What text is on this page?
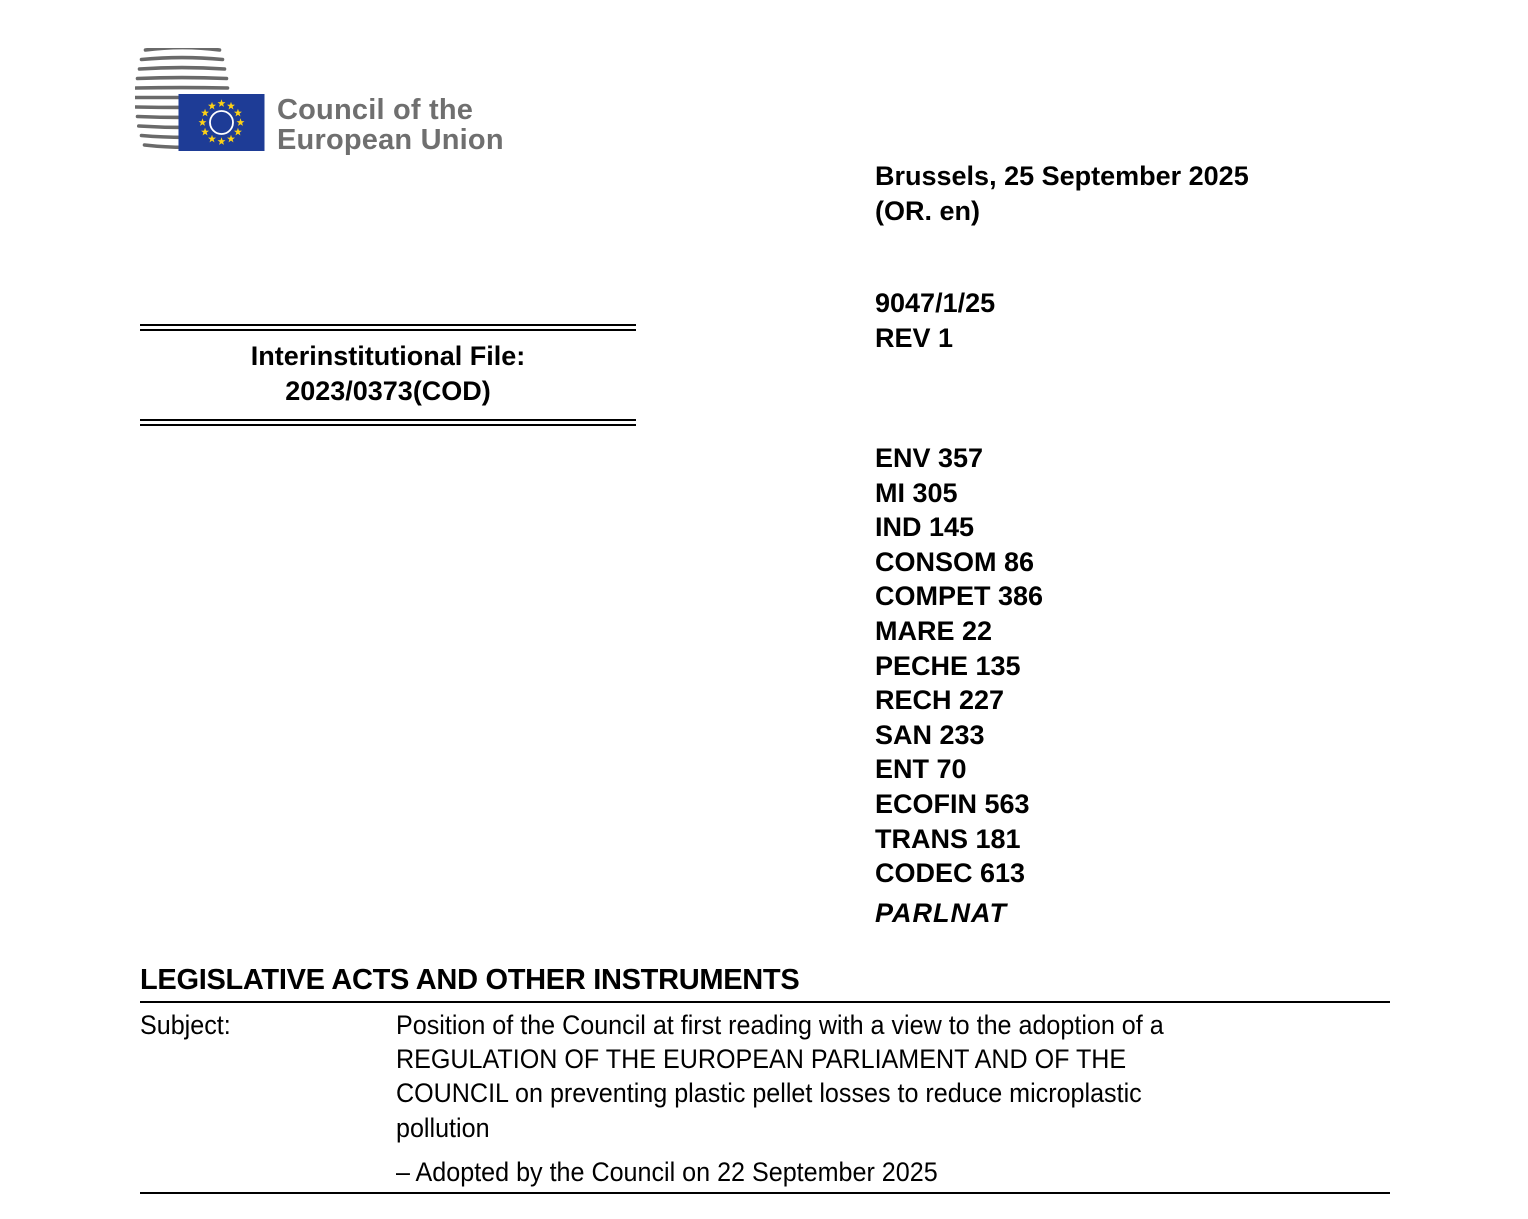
Council of the
European Union
Brussels, 25 September 2025
(OR. en)
9047/1/25
REV 1
Interinstitutional File:
2023/0373(COD)
ENV 357
MI 305
IND 145
CONSOM 86
COMPET 386
MARE 22
PECHE 135
RECH 227
SAN 233
ENT 70
ECOFIN 563
TRANS 181
CODEC 613
PARLNAT
LEGISLATIVE ACTS AND OTHER INSTRUMENTS
Subject:	Position of the Council at first reading with a view to the adoption of a
REGULATION OF THE EUROPEAN PARLIAMENT AND OF THE
COUNCIL on preventing plastic pellet losses to reduce microplastic
pollution
– Adopted by the Council on 22 September 2025
